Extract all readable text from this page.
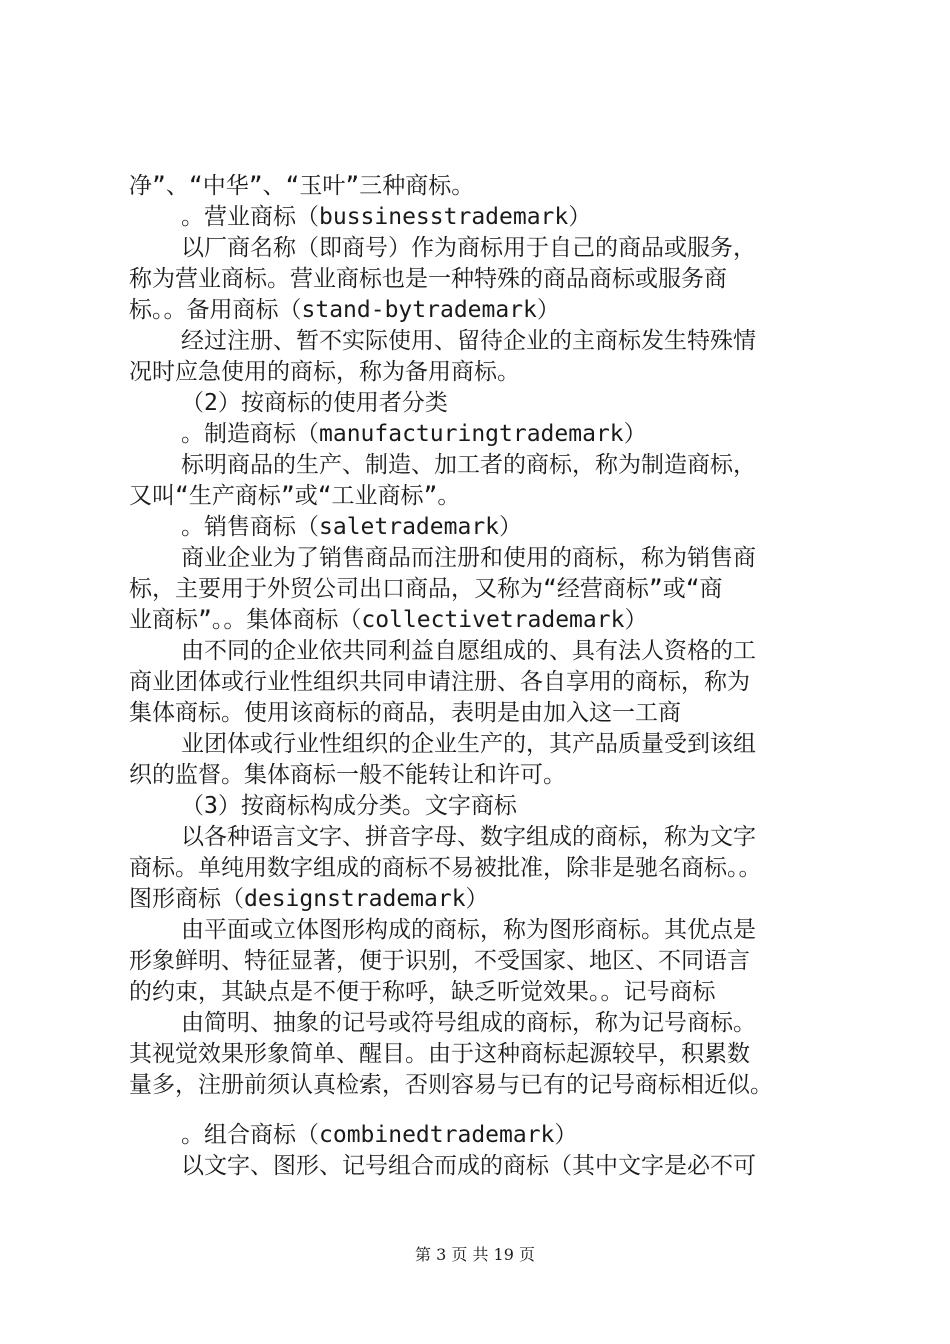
净”、“中华”、“玉叶”三种商标。
。营业商标（bussinesstrademark）
以厂商名称（即商号）作为商标用于自己的商品或服务，
称为营业商标。营业商标也是一种特殊的商品商标或服务商
标。。备用商标（stand-bytrademark）
经过注册、暂不实际使用、留待企业的主商标发生特殊情
况时应急使用的商标，称为备用商标。
（2）按商标的使用者分类
。制造商标（manufacturingtrademark）
标明商品的生产、制造、加工者的商标，称为制造商标，
又叫“生产商标”或“工业商标”。
。销售商标（saletrademark）
商业企业为了销售商品而注册和使用的商标，称为销售商
标，主要用于外贸公司出口商品，又称为“经营商标”或“商
业商标”。。集体商标（collectivetrademark）
由不同的企业依共同利益自愿组成的、具有法人资格的工
商业团体或行业性组织共同申请注册、各自享用的商标，称为
集体商标。使用该商标的商品，表明是由加入这一工商
业团体或行业性组织的企业生产的，其产品质量受到该组
织的监督。集体商标一般不能转让和许可。
（3）按商标构成分类。文字商标
以各种语言文字、拼音字母、数字组成的商标，称为文字
商标。单纯用数字组成的商标不易被批准，除非是驰名商标。。
图形商标（designstrademark）
由平面或立体图形构成的商标，称为图形商标。其优点是
形象鲜明、特征显著，便于识别，不受国家、地区、不同语言
的约束，其缺点是不便于称呼，缺乏听觉效果。。记号商标
由简明、抽象的记号或符号组成的商标，称为记号商标。
其视觉效果形象简单、醒目。由于这种商标起源较早，积累数
量多，注册前须认真检索，否则容易与已有的记号商标相近似。
。组合商标（combinedtrademark）
以文字、图形、记号组合而成的商标（其中文字是必不可
第 3 页 共 19 页
